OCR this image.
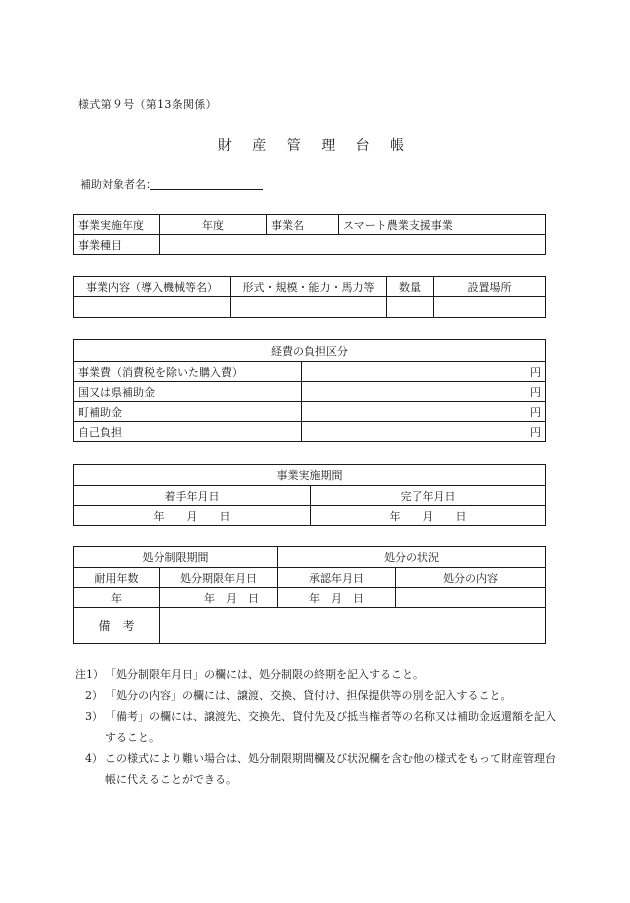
様式第９号（第13条関係）
財 産 管 理 台 帳
補助対象者名：
事業実施年度	年度	事業名	スマート農業支援事業
事業種目			
事業内容（導入機械等名）	形式・規模・能力・馬力等	数量	設置場所

経費の負担区分	
事業費（消費税を除いた購入費）	円
国又は県補助金	円
町補助金	円
自己負担	円
事業実施期間	
着手年月日	完了年月日
年　　月　　日	年　　月　　日
処分制限期間		処分の状況	
耐用年数	処分期限年月日	承認年月日	処分の内容
年	年　月　日	年　月　日	
備　考			
注1） 「処分制限年月日」の欄には、処分制限の終期を記入すること。
2） 「処分の内容」の欄には、譲渡、交換、貸付け、担保提供等の別を記入すること。
3） 「備考」の欄には、譲渡先、交換先、貸付先及び抵当権者等の名称又は補助金返還額を記入すること。
4） この様式により難い場合は、処分制限期間欄及び状況欄を含む他の様式をもって財産管理台帳に代えることができる。
